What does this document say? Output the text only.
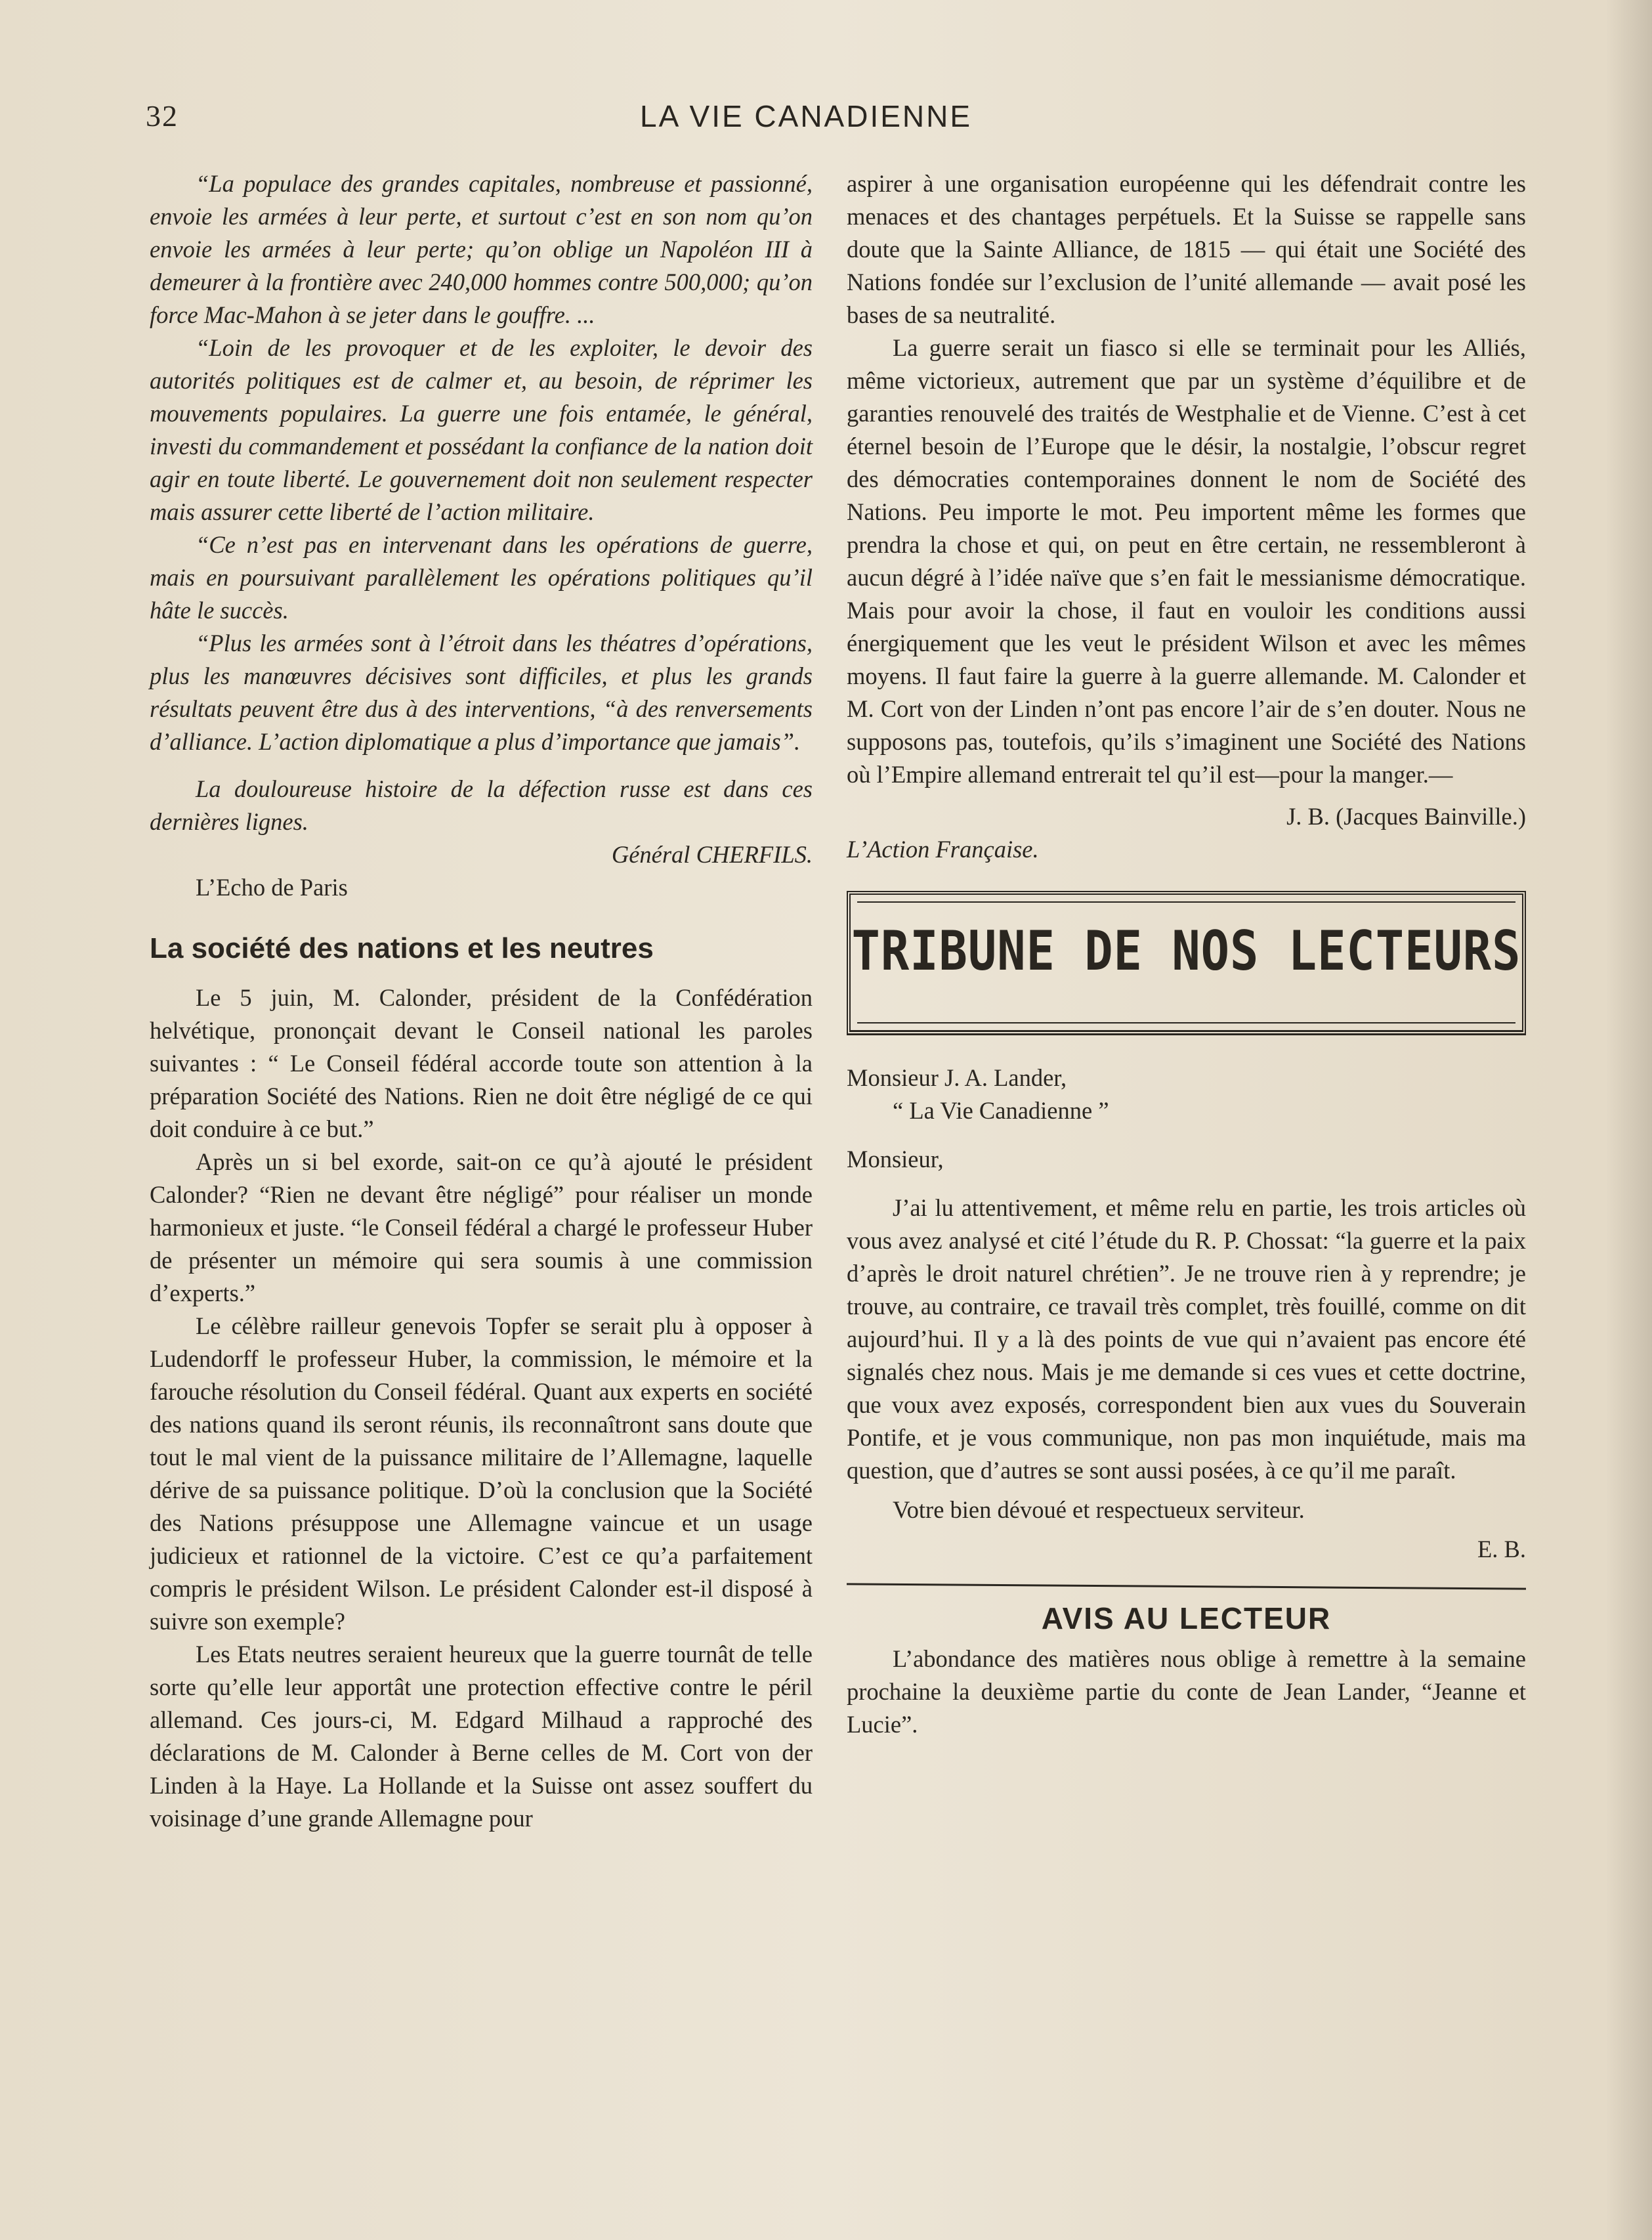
32	LA VIE CANADIENNE

“La populace des grandes capitales, nombreuse et passionné, envoie les armées à leur perte, et surtout c’est en son nom qu’on envoie les armées à leur perte; qu’on oblige un Napoléon III à demeurer à la frontière avec 240,000 hommes contre 500,000; qu’on force Mac-Mahon à se jeter dans le gouffre. ...

“Loin de les provoquer et de les exploiter, le devoir des autorités politiques est de calmer et, au besoin, de réprimer les mouvements populaires. La guerre une fois entamée, le général, investi du commandement et possédant la confiance de la nation doit agir en toute liberté. Le gouvernement doit non seulement respecter mais assurer cette liberté de l’action militaire.

“Ce n’est pas en intervenant dans les opérations de guerre, mais en poursuivant parallèlement les opérations politiques qu’il hâte le succès.

“Plus les armées sont à l’étroit dans les théatres d’opérations, plus les manœuvres décisives sont difficiles, et plus les grands résultats peuvent être dus à des interventions, “à des renversements d’alliance. L’action diplomatique a plus d’importance que jamais”.

La douloureuse histoire de la défection russe est dans ces dernières lignes.

Général CHERFILS.

L’Echo de Paris

La société des nations et les neutres

Le 5 juin, M. Calonder, président de la Confédération helvétique, prononçait devant le Conseil national les paroles suivantes : “ Le Conseil fédéral accorde toute son attention à la préparation Société des Nations. Rien ne doit être négligé de ce qui doit conduire à ce but.”

Après un si bel exorde, sait-on ce qu’à ajouté le président Calonder? “Rien ne devant être négligé” pour réaliser un monde harmonieux et juste. “le Conseil fédéral a chargé le professeur Huber de présenter un mémoire qui sera soumis à une commission d’experts.”

Le célèbre railleur genevois Topfer se serait plu à opposer à Ludendorff le professeur Huber, la commission, le mémoire et la farouche résolution du Conseil fédéral. Quant aux experts en société des nations quand ils seront réunis, ils reconnaîtront sans doute que tout le mal vient de la puissance militaire de l’Allemagne, laquelle dérive de sa puissance politique. D’où la conclusion que la Société des Nations présuppose une Allemagne vaincue et un usage judicieux et rationnel de la victoire. C’est ce qu’a parfaitement compris le président Wilson. Le président Calonder est-il disposé à suivre son exemple?

Les Etats neutres seraient heureux que la guerre tournât de telle sorte qu’elle leur apportât une protection effective contre le péril allemand. Ces jours-ci, M. Edgard Milhaud a rapproché des déclarations de M. Calonder à Berne celles de M. Cort von der Linden à la Haye. La Hollande et la Suisse ont assez souffert du voisinage d’une grande Allemagne pour

aspirer à une organisation européenne qui les défendrait contre les menaces et des chantages perpétuels. Et la Suisse se rappelle sans doute que la Sainte Alliance, de 1815 — qui était une Société des Nations fondée sur l’exclusion de l’unité allemande — avait posé les bases de sa neutralité.

La guerre serait un fiasco si elle se terminait pour les Alliés, même victorieux, autrement que par un système d’équilibre et de garanties renouvelé des traités de Westphalie et de Vienne. C’est à cet éternel besoin de l’Europe que le désir, la nostalgie, l’obscur regret des démocraties contemporaines donnent le nom de Société des Nations. Peu importe le mot. Peu importent même les formes que prendra la chose et qui, on peut en être certain, ne ressembleront à aucun dégré à l’idée naïve que s’en fait le messianisme démocratique. Mais pour avoir la chose, il faut en vouloir les conditions aussi énergiquement que les veut le président Wilson et avec les mêmes moyens. Il faut faire la guerre à la guerre allemande. M. Calonder et M. Cort von der Linden n’ont pas encore l’air de s’en douter. Nous ne supposons pas, toutefois, qu’ils s’imaginent une Société des Nations où l’Empire allemand entrerait tel qu’il est—pour la manger.—

J. B. (Jacques Bainville.)

L’Action Française.

TRIBUNE DE NOS LECTEURS

Monsieur J. A. Lander,

“ La Vie Canadienne ”

Monsieur,

J’ai lu attentivement, et même relu en partie, les trois articles où vous avez analysé et cité l’étude du R. P. Chossat: “la guerre et la paix d’après le droit naturel chrétien”. Je ne trouve rien à y reprendre; je trouve, au contraire, ce travail très complet, très fouillé, comme on dit aujourd’hui. Il y a là des points de vue qui n’avaient pas encore été signalés chez nous. Mais je me demande si ces vues et cette doctrine, que voux avez exposés, correspondent bien aux vues du Souverain Pontife, et je vous communique, non pas mon inquiétude, mais ma question, que d’autres se sont aussi posées, à ce qu’il me paraît.

Votre bien dévoué et respectueux serviteur.

E. B.

AVIS AU LECTEUR

L’abondance des matières nous oblige à remettre à la semaine prochaine la deuxième partie du conte de Jean Lander, “Jeanne et Lucie”.
